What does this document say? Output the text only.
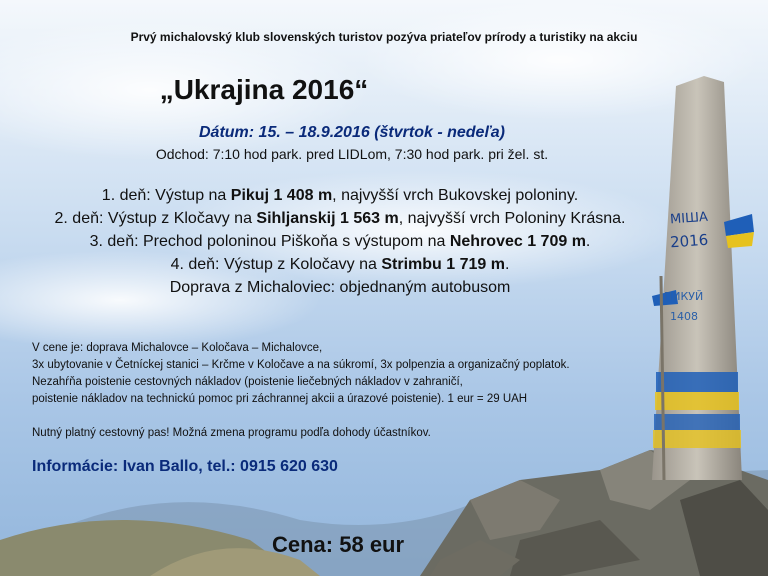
Prvý michalovský klub slovenských turistov pozýva priateľov prírody a turistiky na akciu
„Ukrajina 2016“
Dátum: 15. – 18.9.2016 (štvrtok - nedeľa)
Odchod: 7:10 hod park. pred LIDLom, 7:30 hod park. pri žel. st.
1. deň: Výstup na Pikuj 1 408 m, najvyšší vrch Bukovskej poloniny.
2. deň: Výstup z Kločavy na Sihljanskij 1 563 m, najvyšší vrch Poloniny Krásna.
3. deň: Prechod poloninou Piškoňa s výstupom na Nehrovec 1 709 m.
4. deň: Výstup z Koločavy na Strimbu 1 719 m.
Doprava z Michaloviec: objednaným autobusom
V cene je: doprava Michalovce – Koločava – Michalovce,
3x ubytovanie v Četníckej stanici – Krčme v Koločave a na súkromí, 3x polpenzia a organizačný poplatok.
Nezahŕňa poistenie cestovných nákladov (poistenie liečebných nákladov v zahraničí,
poistenie nákladov na technickú pomoc pri záchrannej akcii a úrazové poistenie). 1 eur = 29 UAH
Nutný platný cestovný pas! Možná zmena programu podľa dohody účastníkov.
Informácie: Ivan Ballo, tel.: 0915 620 630
Cena: 58 eur
МІША
2016
ПИКУЙ
1408
